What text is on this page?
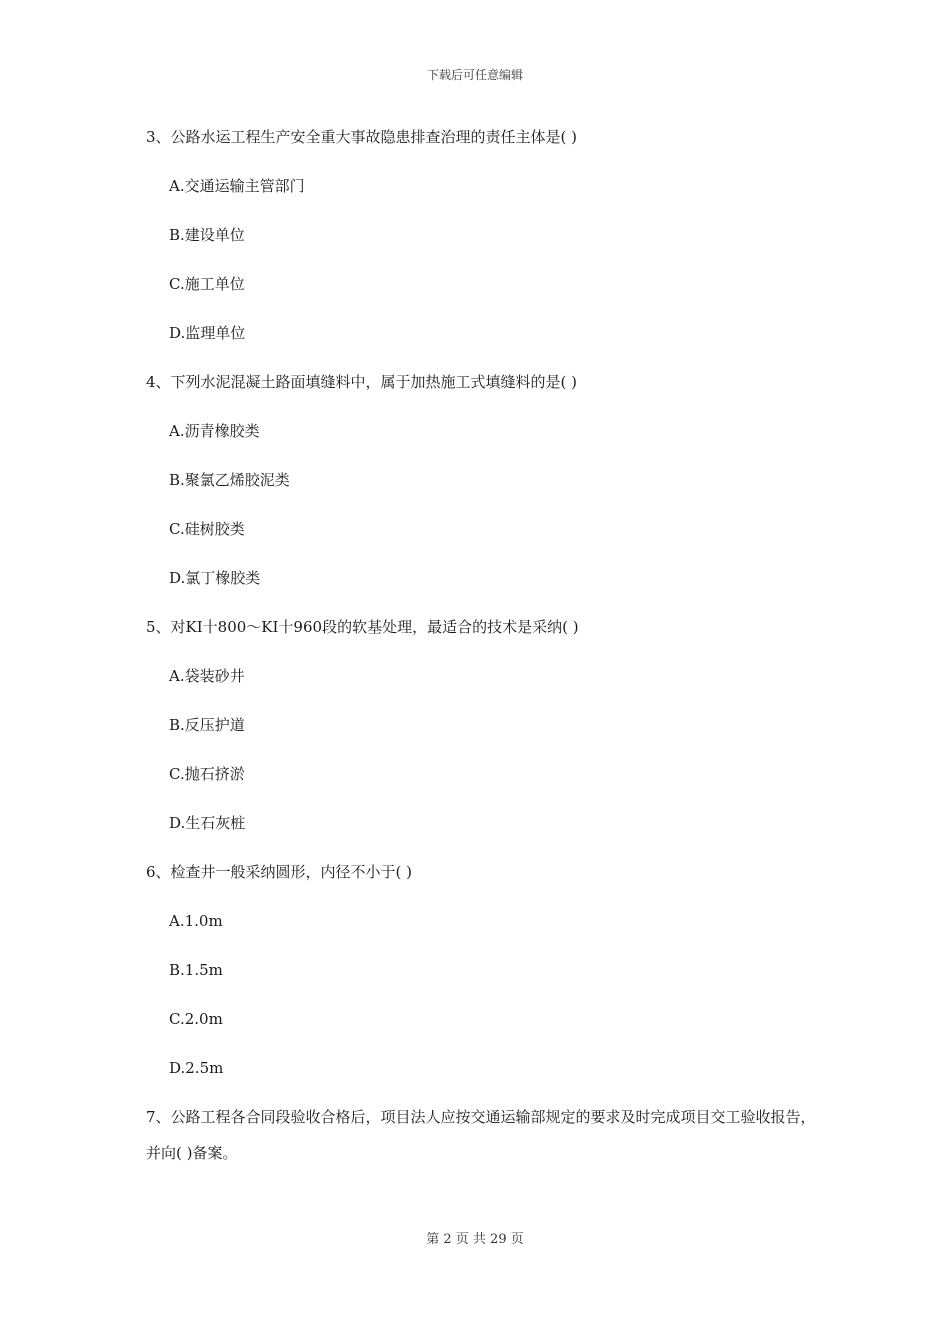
下载后可任意编辑
3、公路水运工程生产安全重大事故隐患排查治理的责任主体是( )
A.交通运输主管部门
B.建设单位
C.施工单位
D.监理单位
4、下列水泥混凝土路面填缝料中，属于加热施工式填缝料的是( )
A.沥青橡胶类
B.聚氯乙烯胶泥类
C.硅树胶类
D.氯丁橡胶类
5、对KI十800～KI十960段的软基处理，最适合的技术是采纳( )
A.袋装砂井
B.反压护道
C.抛石挤淤
D.生石灰桩
6、检查井一般采纳圆形，内径不小于( )
A.1.0m
B.1.5m
C.2.0m
D.2.5m
7、公路工程各合同段验收合格后，项目法人应按交通运输部规定的要求及时完成项目交工验收报告，并向( )备案。
第 2 页 共 29 页
